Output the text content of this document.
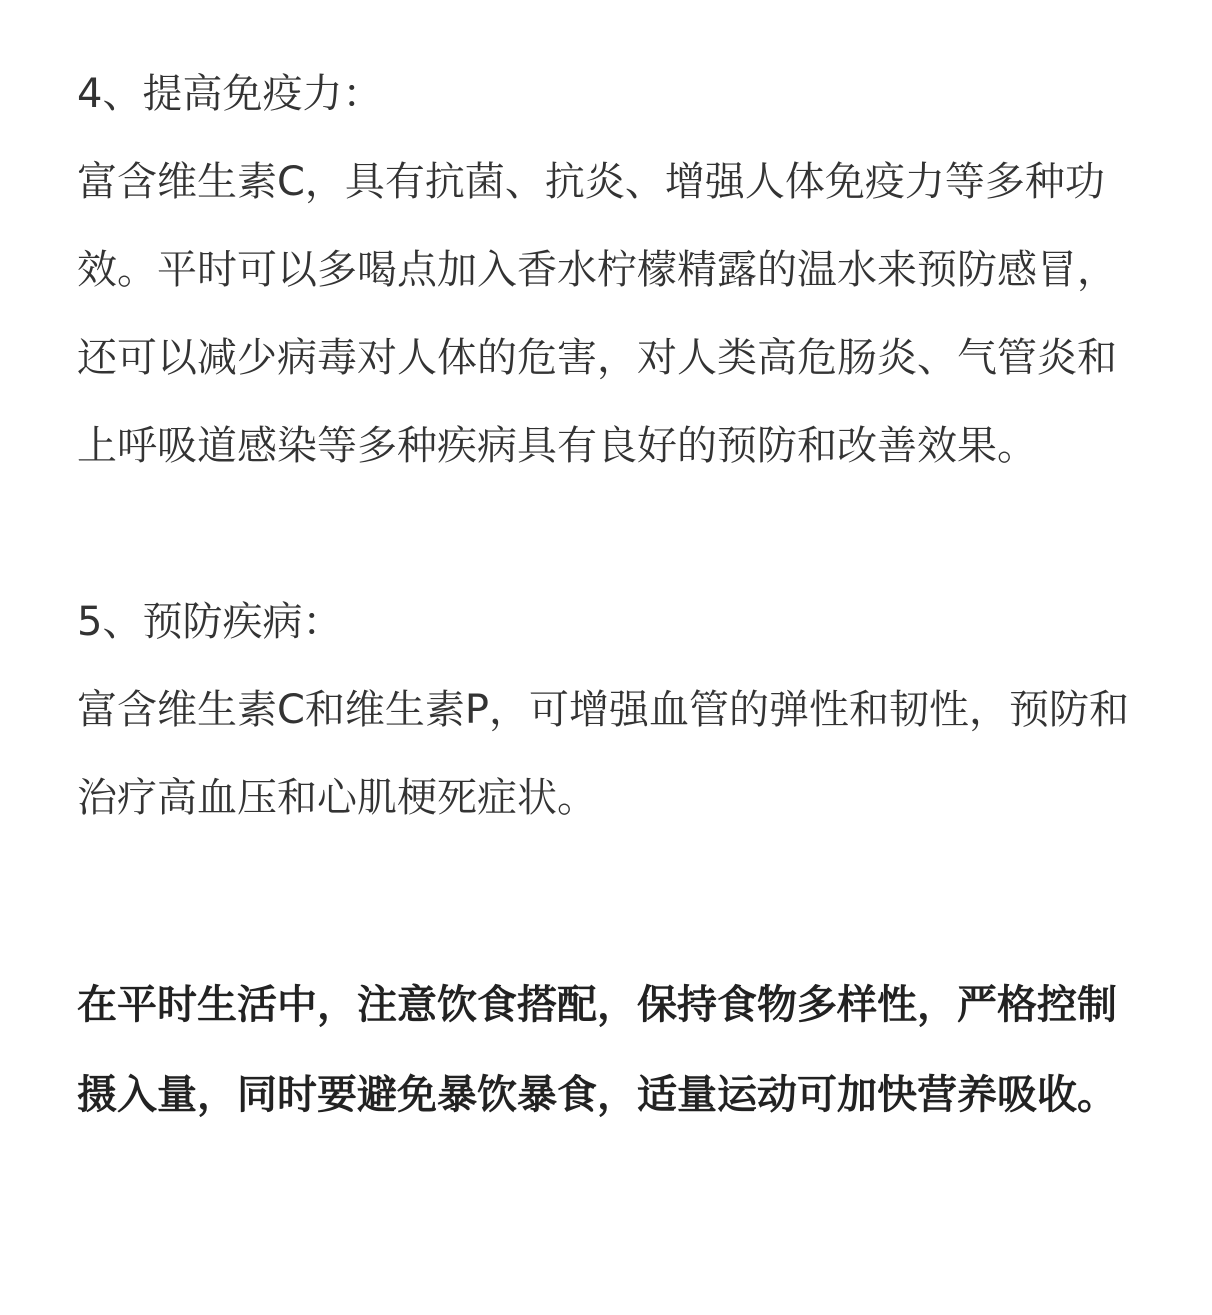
4、提高免疫力：

富含维生素C，具有抗菌、抗炎、增强人体免疫力等多种功效。平时可以多喝点加入香水柠檬精露的温水来预防感冒，还可以减少病毒对人体的危害，对人类高危肠炎、气管炎和上呼吸道感染等多种疾病具有良好的预防和改善效果。

5、预防疾病：

富含维生素C和维生素P，可增强血管的弹性和韧性，预防和治疗高血压和心肌梗死症状。

在平时生活中，注意饮食搭配，保持食物多样性，严格控制摄入量，同时要避免暴饮暴食，适量运动可加快营养吸收。
